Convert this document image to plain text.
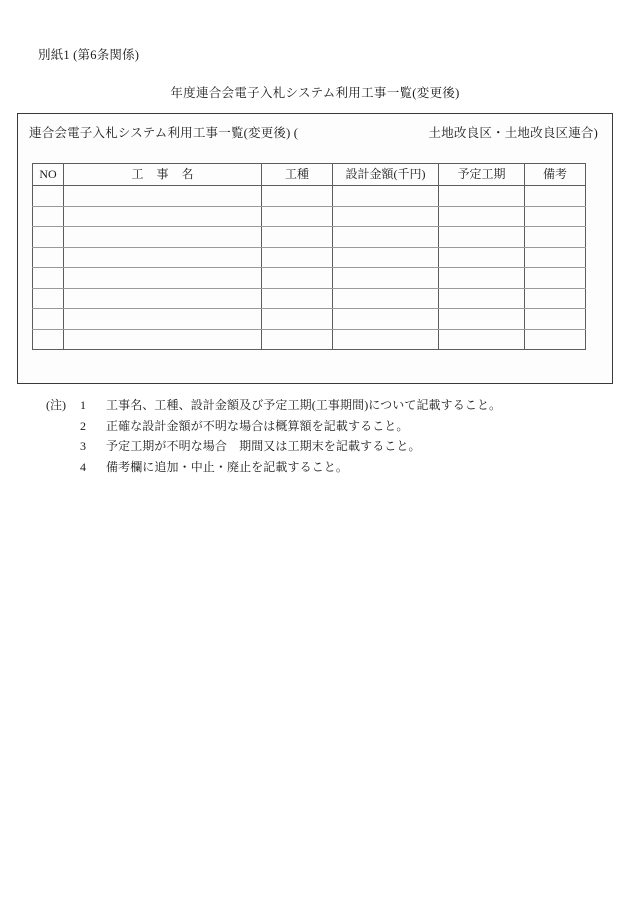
別紙1 (第6条関係)
年度連合会電子入札システム利用工事一覧(変更後)
連合会電子入札システム利用工事一覧(変更後) (	土地改良区・土地改良区連合)
NO	工 事 名	工種	設計金額(千円)	予定工期	備考

(注)	1	工事名、工種、設計金額及び予定工期(工事期間)について記載すること。
2	正確な設計金額が不明な場合は概算額を記載すること。
3	予定工期が不明な場合　期間又は工期末を記載すること。
4	備考欄に追加・中止・廃止を記載すること。
